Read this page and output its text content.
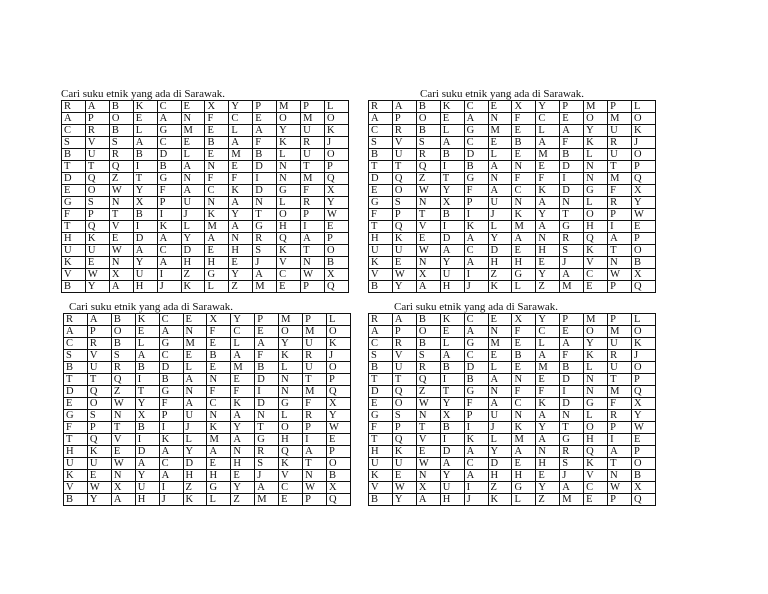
Cari suku etnik yang ada di Sarawak.
R	A	B	K	C	E	X	Y	P	M	P	L
A	P	O	E	A	N	F	C	E	O	M	O
C	R	B	L	G	M	E	L	A	Y	U	K
S	V	S	A	C	E	B	A	F	K	R	J
B	U	R	B	D	L	E	M	B	L	U	O
T	T	Q	I	B	A	N	E	D	N	T	P
D	Q	Z	T	G	N	F	F	I	N	M	Q
E	O	W	Y	F	A	C	K	D	G	F	X
G	S	N	X	P	U	N	A	N	L	R	Y
F	P	T	B	I	J	K	Y	T	O	P	W
T	Q	V	I	K	L	M	A	G	H	I	E
H	K	E	D	A	Y	A	N	R	Q	A	P
U	U	W	A	C	D	E	H	S	K	T	O
K	E	N	Y	A	H	H	E	J	V	N	B
V	W	X	U	I	Z	G	Y	A	C	W	X
B	Y	A	H	J	K	L	Z	M	E	P	Q
Cari suku etnik yang ada di Sarawak.
R	A	B	K	C	E	X	Y	P	M	P	L
A	P	O	E	A	N	F	C	E	O	M	O
C	R	B	L	G	M	E	L	A	Y	U	K
S	V	S	A	C	E	B	A	F	K	R	J
B	U	R	B	D	L	E	M	B	L	U	O
T	T	Q	I	B	A	N	E	D	N	T	P
D	Q	Z	T	G	N	F	F	I	N	M	Q
E	O	W	Y	F	A	C	K	D	G	F	X
G	S	N	X	P	U	N	A	N	L	R	Y
F	P	T	B	I	J	K	Y	T	O	P	W
T	Q	V	I	K	L	M	A	G	H	I	E
H	K	E	D	A	Y	A	N	R	Q	A	P
U	U	W	A	C	D	E	H	S	K	T	O
K	E	N	Y	A	H	H	E	J	V	N	B
V	W	X	U	I	Z	G	Y	A	C	W	X
B	Y	A	H	J	K	L	Z	M	E	P	Q
Cari suku etnik yang ada di Sarawak.
R	A	B	K	C	E	X	Y	P	M	P	L
A	P	O	E	A	N	F	C	E	O	M	O
C	R	B	L	G	M	E	L	A	Y	U	K
S	V	S	A	C	E	B	A	F	K	R	J
B	U	R	B	D	L	E	M	B	L	U	O
T	T	Q	I	B	A	N	E	D	N	T	P
D	Q	Z	T	G	N	F	F	I	N	M	Q
E	O	W	Y	F	A	C	K	D	G	F	X
G	S	N	X	P	U	N	A	N	L	R	Y
F	P	T	B	I	J	K	Y	T	O	P	W
T	Q	V	I	K	L	M	A	G	H	I	E
H	K	E	D	A	Y	A	N	R	Q	A	P
U	U	W	A	C	D	E	H	S	K	T	O
K	E	N	Y	A	H	H	E	J	V	N	B
V	W	X	U	I	Z	G	Y	A	C	W	X
B	Y	A	H	J	K	L	Z	M	E	P	Q
Cari suku etnik yang ada di Sarawak.
R	A	B	K	C	E	X	Y	P	M	P	L
A	P	O	E	A	N	F	C	E	O	M	O
C	R	B	L	G	M	E	L	A	Y	U	K
S	V	S	A	C	E	B	A	F	K	R	J
B	U	R	B	D	L	E	M	B	L	U	O
T	T	Q	I	B	A	N	E	D	N	T	P
D	Q	Z	T	G	N	F	F	I	N	M	Q
E	O	W	Y	F	A	C	K	D	G	F	X
G	S	N	X	P	U	N	A	N	L	R	Y
F	P	T	B	I	J	K	Y	T	O	P	W
T	Q	V	I	K	L	M	A	G	H	I	E
H	K	E	D	A	Y	A	N	R	Q	A	P
U	U	W	A	C	D	E	H	S	K	T	O
K	E	N	Y	A	H	H	E	J	V	N	B
V	W	X	U	I	Z	G	Y	A	C	W	X
B	Y	A	H	J	K	L	Z	M	E	P	Q
